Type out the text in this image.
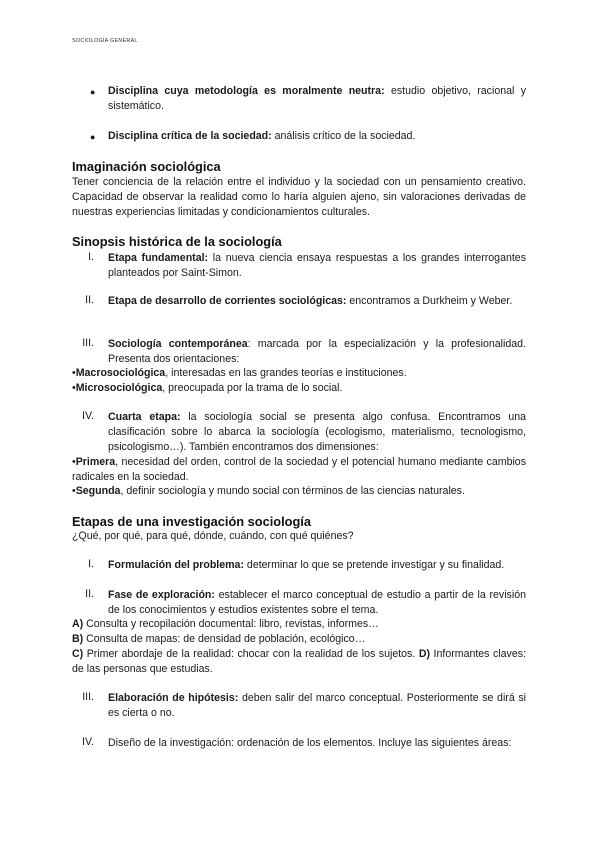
SOCIOLOGÍA GENERAL
● Disciplina cuya metodología es moralmente neutra: estudio objetivo, racional y sistemático.
● Disciplina crítica de la sociedad: análisis crítico de la sociedad.
Imaginación sociológica
Tener conciencia de la relación entre el individuo y la sociedad con un pensamiento creativo. Capacidad de observar la realidad como lo haría alguien ajeno, sin valoraciones derivadas de nuestras experiencias limitadas y condicionamientos culturales.
Sinopsis histórica de la sociología
I. Etapa fundamental: la nueva ciencia ensaya respuestas a los grandes interrogantes planteados por Saint-Simon.
II. Etapa de desarrollo de corrientes sociológicas: encontramos a Durkheim y Weber.
III. Sociología contemporánea: marcada por la especialización y la profesionalidad. Presenta dos orientaciones:
•Macrosociológica, interesadas en las grandes teorías e instituciones.
•Microsociológica, preocupada por la trama de lo social.
IV. Cuarta etapa: la sociología social se presenta algo confusa. Encontramos una clasificación sobre lo abarca la sociología (ecologismo, materialismo, tecnologismo, psicologismo…). También encontramos dos dimensiones:
•Primera, necesidad del orden, control de la sociedad y el potencial humano mediante cambios radicales en la sociedad.
•Segunda, definir sociología y mundo social con términos de las ciencias naturales.
Etapas de una investigación sociología
¿Qué, por qué, para qué, dónde, cuándo, con qué quiénes?
I. Formulación del problema: determinar lo que se pretende investigar y su finalidad.
II. Fase de exploración: establecer el marco conceptual de estudio a partir de la revisión de los conocimientos y estudios existentes sobre el tema.
A) Consulta y recopilación documental: libro, revistas, informes…
B) Consulta de mapas: de densidad de población, ecológico…
C) Primer abordaje de la realidad: chocar con la realidad de los sujetos. D) Informantes claves: de las personas que estudias.
III. Elaboración de hipótesis: deben salir del marco conceptual. Posteriormente se dirá si es cierta o no.
IV. Diseño de la investigación: ordenación de los elementos. Incluye las siguientes áreas:
